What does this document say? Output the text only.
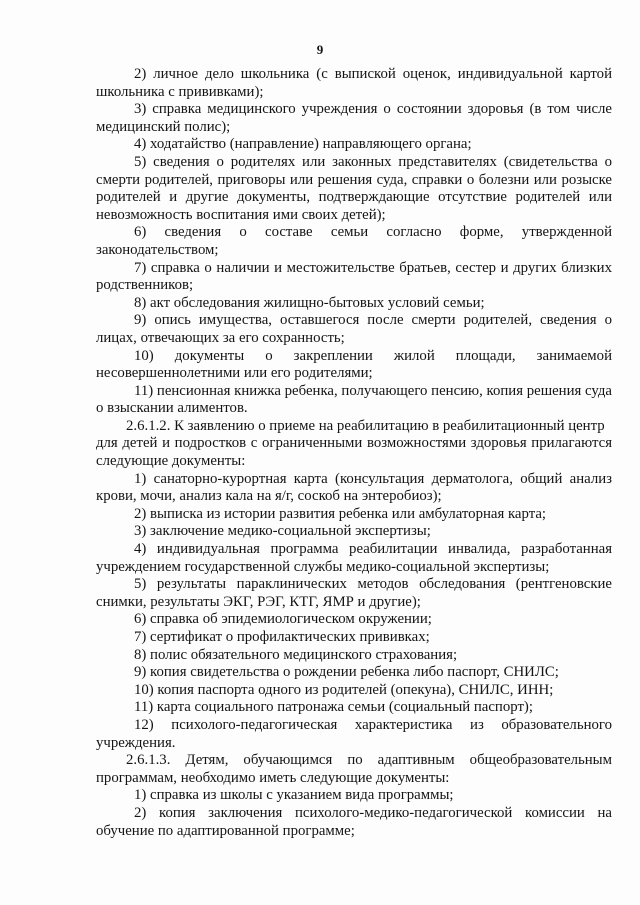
9

2) личное дело школьника (с выпиской оценок, индивидуальной картой школьника с прививками);

3) справка медицинского учреждения о состоянии здоровья (в том числе медицинский полис);

4) ходатайство (направление) направляющего органа;

5) сведения о родителях или законных представителях (свидетельства о смерти родителей, приговоры или решения суда, справки о болезни или розыске родителей и другие документы, подтверждающие отсутствие родителей или невозможность воспитания ими своих детей);

6) сведения о составе семьи согласно форме, утвержденной законодательством;

7) справка о наличии и местожительстве братьев, сестер и других близких родственников;

8) акт обследования жилищно-бытовых условий семьи;

9) опись имущества, оставшегося после смерти родителей, сведения о лицах, отвечающих за его сохранность;

10) документы о закреплении жилой площади, занимаемой несовершеннолетними или его родителями;

11) пенсионная книжка ребенка, получающего пенсию, копия решения суда о взыскании алиментов.

2.6.1.2. К заявлению о приеме на реабилитацию в реабилитационный центр

для детей и подростков с ограниченными возможностями здоровья прилагаются следующие документы:

1) санаторно-курортная карта (консультация дерматолога, общий анализ крови, мочи, анализ кала на я/г, соскоб на энтеробиоз);

2) выписка из истории развития ребенка или амбулаторная карта;

3) заключение медико-социальной экспертизы;

4) индивидуальная программа реабилитации инвалида, разработанная учреждением государственной службы медико-социальной экспертизы;

5) результаты параклинических методов обследования (рентгеновские снимки, результаты ЭКГ, РЭГ, КТГ, ЯМР и другие);

6) справка об эпидемиологическом окружении;

7) сертификат о профилактических прививках;

8) полис обязательного медицинского страхования;

9) копия свидетельства о рождении ребенка либо паспорт, СНИЛС;

10) копия паспорта одного из родителей (опекуна), СНИЛС, ИНН;

11) карта социального патронажа семьи (социальный паспорт);

12) психолого-педагогическая характеристика из образовательного учреждения.

2.6.1.3. Детям, обучающимся по адаптивным общеобразовательным программам, необходимо иметь следующие документы:

1) справка из школы с указанием вида программы;

2) копия заключения психолого-медико-педагогической комиссии на обучение по адаптированной программе;
